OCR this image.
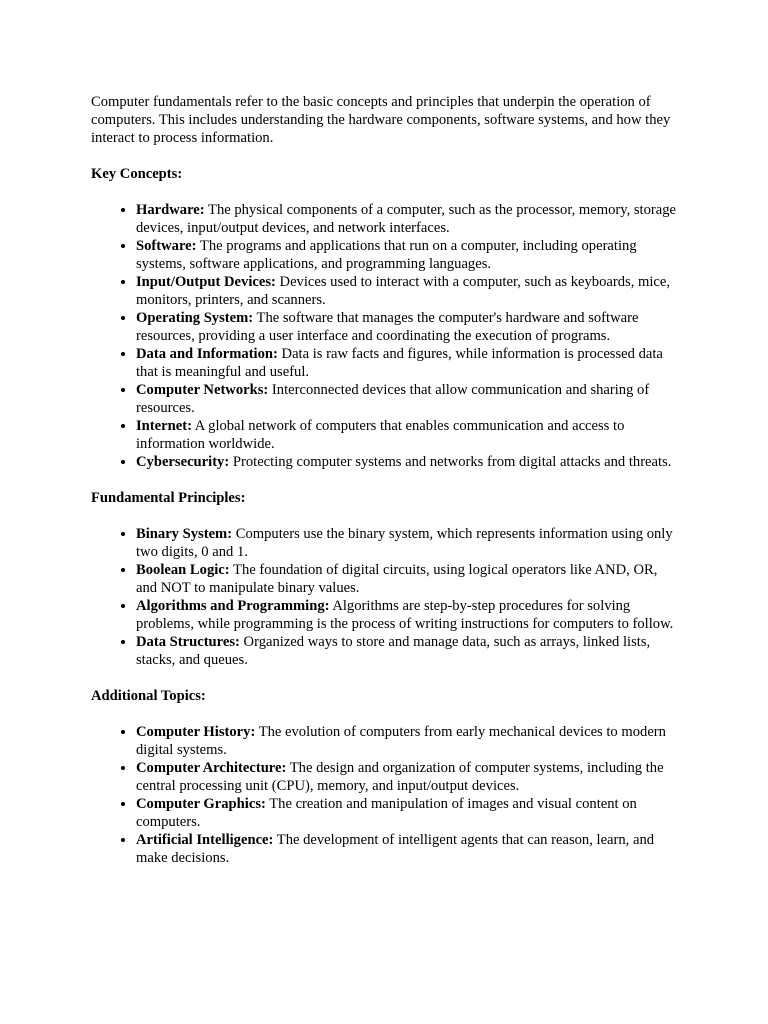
Computer fundamentals refer to the basic concepts and principles that underpin the operation of computers. This includes understanding the hardware components, software systems, and how they interact to process information.

Key Concepts:

• Hardware: The physical components of a computer, such as the processor, memory, storage devices, input/output devices, and network interfaces.
• Software: The programs and applications that run on a computer, including operating systems, software applications, and programming languages.
• Input/Output Devices: Devices used to interact with a computer, such as keyboards, mice, monitors, printers, and scanners.
• Operating System: The software that manages the computer's hardware and software resources, providing a user interface and coordinating the execution of programs.
• Data and Information: Data is raw facts and figures, while information is processed data that is meaningful and useful.
• Computer Networks: Interconnected devices that allow communication and sharing of resources.
• Internet: A global network of computers that enables communication and access to information worldwide.
• Cybersecurity: Protecting computer systems and networks from digital attacks and threats.

Fundamental Principles:

• Binary System: Computers use the binary system, which represents information using only two digits, 0 and 1.
• Boolean Logic: The foundation of digital circuits, using logical operators like AND, OR, and NOT to manipulate binary values.
• Algorithms and Programming: Algorithms are step-by-step procedures for solving problems, while programming is the process of writing instructions for computers to follow.
• Data Structures: Organized ways to store and manage data, such as arrays, linked lists, stacks, and queues.

Additional Topics:

• Computer History: The evolution of computers from early mechanical devices to modern digital systems.
• Computer Architecture: The design and organization of computer systems, including the central processing unit (CPU), memory, and input/output devices.
• Computer Graphics: The creation and manipulation of images and visual content on computers.
• Artificial Intelligence: The development of intelligent agents that can reason, learn, and make decisions.
